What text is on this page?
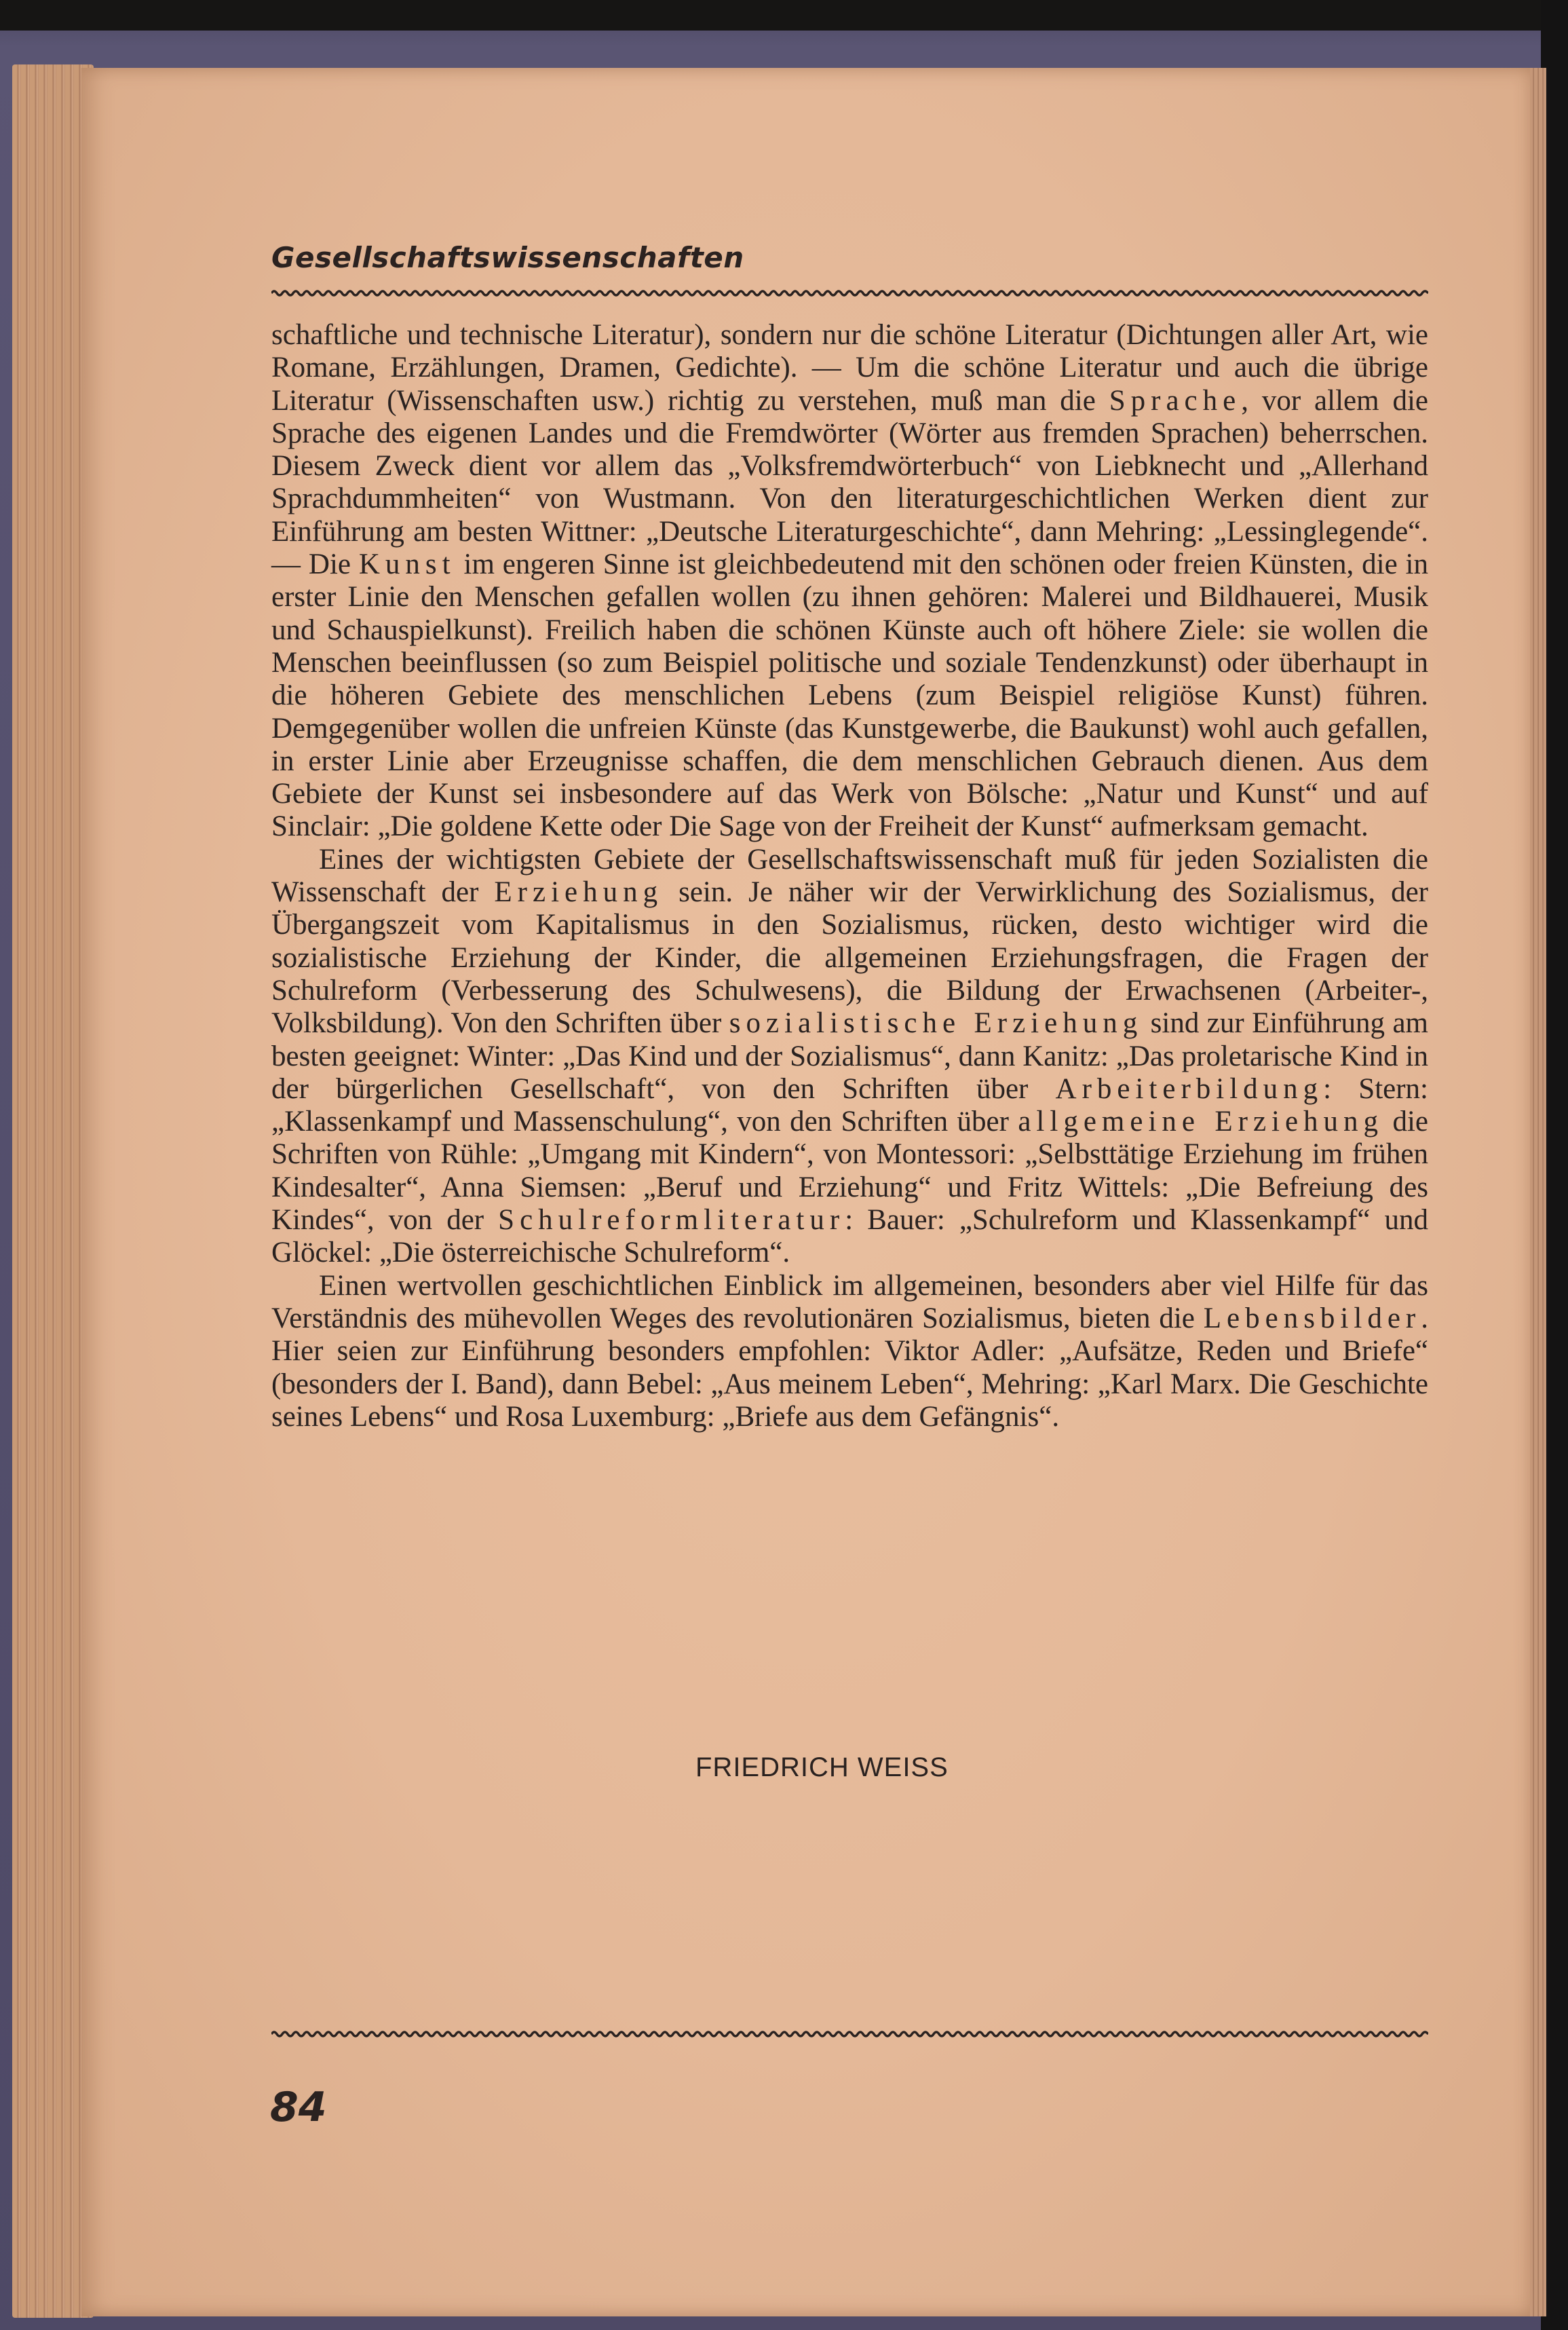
Gesellschaftswissenschaften

schaftliche und technische Literatur), sondern nur die schöne Literatur (Dichtungen aller Art, wie Romane, Erzählungen, Dramen, Gedichte). — Um die schöne Literatur und auch die übrige Literatur (Wissenschaften usw.) richtig zu verstehen, muß man die Sprache, vor allem die Sprache des eigenen Landes und die Fremdwörter (Wörter aus fremden Sprachen) beherrschen. Diesem Zweck dient vor allem das „Volksfremdwörterbuch“ von Liebknecht und „Allerhand Sprachdummheiten“ von Wustmann. Von den literaturgeschichtlichen Werken dient zur Einführung am besten Wittner: „Deutsche Literaturgeschichte“, dann Mehring: „Lessinglegende“. — Die Kunst im engeren Sinne ist gleichbedeutend mit den schönen oder freien Künsten, die in erster Linie den Menschen gefallen wollen (zu ihnen gehören: Malerei und Bildhauerei, Musik und Schauspielkunst). Freilich haben die schönen Künste auch oft höhere Ziele: sie wollen die Menschen beeinflussen (so zum Beispiel politische und soziale Tendenzkunst) oder überhaupt in die höheren Gebiete des menschlichen Lebens (zum Beispiel religiöse Kunst) führen. Demgegenüber wollen die unfreien Künste (das Kunstgewerbe, die Baukunst) wohl auch gefallen, in erster Linie aber Erzeugnisse schaffen, die dem menschlichen Gebrauch dienen. Aus dem Gebiete der Kunst sei insbesondere auf das Werk von Bölsche: „Natur und Kunst“ und auf Sinclair: „Die goldene Kette oder Die Sage von der Freiheit der Kunst“ aufmerksam gemacht.

Eines der wichtigsten Gebiete der Gesellschaftswissenschaft muß für jeden Sozialisten die Wissenschaft der Erziehung sein. Je näher wir der Verwirklichung des Sozialismus, der Übergangszeit vom Kapitalismus in den Sozialismus, rücken, desto wichtiger wird die sozialistische Erziehung der Kinder, die allgemeinen Erziehungsfragen, die Fragen der Schulreform (Verbesserung des Schulwesens), die Bildung der Erwachsenen (Arbeiter-, Volksbildung). Von den Schriften über sozialistische Erziehung sind zur Einführung am besten geeignet: Winter: „Das Kind und der Sozialismus“, dann Kanitz: „Das proletarische Kind in der bürgerlichen Gesellschaft“, von den Schriften über Arbeiterbildung: Stern: „Klassenkampf und Massenschulung“, von den Schriften über allgemeine Erziehung die Schriften von Rühle: „Umgang mit Kindern“, von Montessori: „Selbsttätige Erziehung im frühen Kindesalter“, Anna Siemsen: „Beruf und Erziehung“ und Fritz Wittels: „Die Befreiung des Kindes“, von der Schulreformliteratur: Bauer: „Schulreform und Klassenkampf“ und Glöckel: „Die österreichische Schulreform“.

Einen wertvollen geschichtlichen Einblick im allgemeinen, besonders aber viel Hilfe für das Verständnis des mühevollen Weges des revolutionären Sozialismus, bieten die Lebensbilder. Hier seien zur Einführung besonders empfohlen: Viktor Adler: „Aufsätze, Reden und Briefe“ (besonders der I. Band), dann Bebel: „Aus meinem Leben“, Mehring: „Karl Marx. Die Geschichte seines Lebens“ und Rosa Luxemburg: „Briefe aus dem Gefängnis“.

FRIEDRICH WEISS
84
